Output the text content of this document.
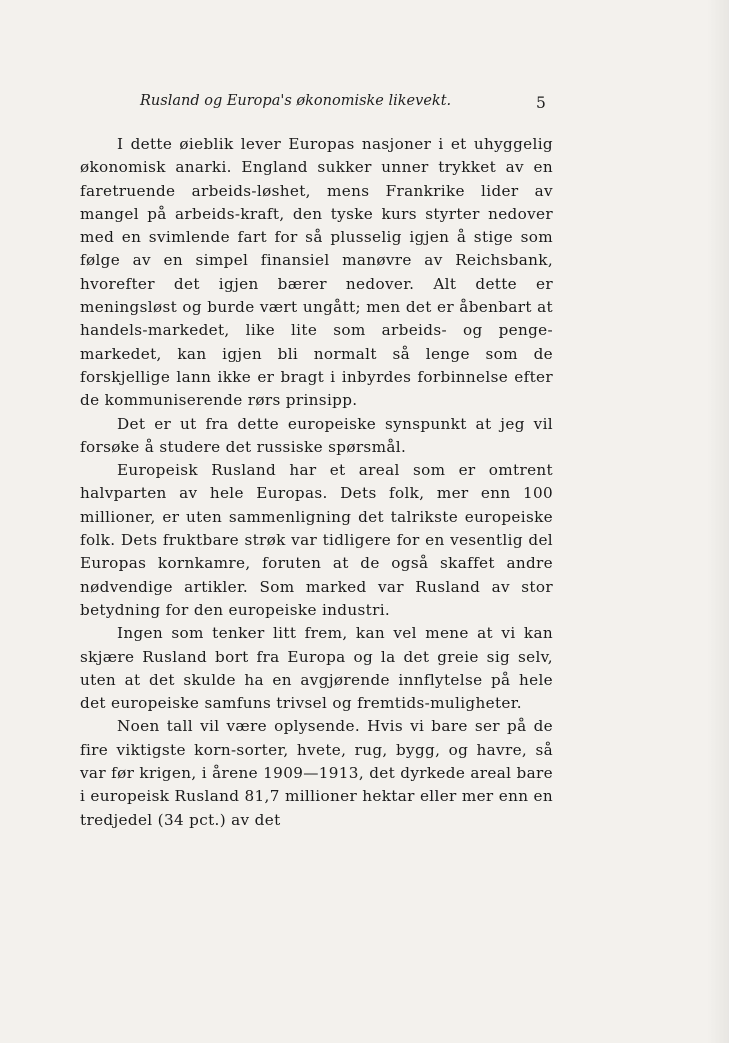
Rusland og Europa's økonomiske likevekt.	5

I dette øieblik lever Europas nasjoner i et uhyggelig økonomisk anarki. England sukker unner trykket av en faretruende arbeids-løshet, mens Frankrike lider av mangel på arbeids-kraft, den tyske kurs styrter nedover med en svimlende fart for så plusselig igjen å stige som følge av en simpel finansiel manøvre av Reichsbank, hvorefter det igjen bærer nedover. Alt dette er meningsløst og burde vært ungått; men det er åbenbart at handels-markedet, like lite som arbeids- og penge-markedet, kan igjen bli normalt så lenge som de forskjellige lann ikke er bragt i inbyrdes forbinnelse efter de kommuniserende rørs prinsipp.

Det er ut fra dette europeiske synspunkt at jeg vil forsøke å studere det russiske spørsmål.

Europeisk Rusland har et areal som er omtrent halvparten av hele Europas. Dets folk, mer enn 100 millioner, er uten sammenligning det talrikste europeiske folk. Dets fruktbare strøk var tidligere for en vesentlig del Europas kornkamre, foruten at de også skaffet andre nødvendige artikler. Som marked var Rusland av stor betydning for den europeiske industri.

Ingen som tenker litt frem, kan vel mene at vi kan skjære Rusland bort fra Europa og la det greie sig selv, uten at det skulde ha en avgjørende innflytelse på hele det europeiske samfuns trivsel og fremtids-muligheter.

Noen tall vil være oplysende. Hvis vi bare ser på de fire viktigste korn-sorter, hvete, rug, bygg, og havre, så var før krigen, i årene 1909—1913, det dyrkede areal bare i europeisk Rusland 81,7 millioner hektar eller mer enn en tredjedel (34 pct.) av det
